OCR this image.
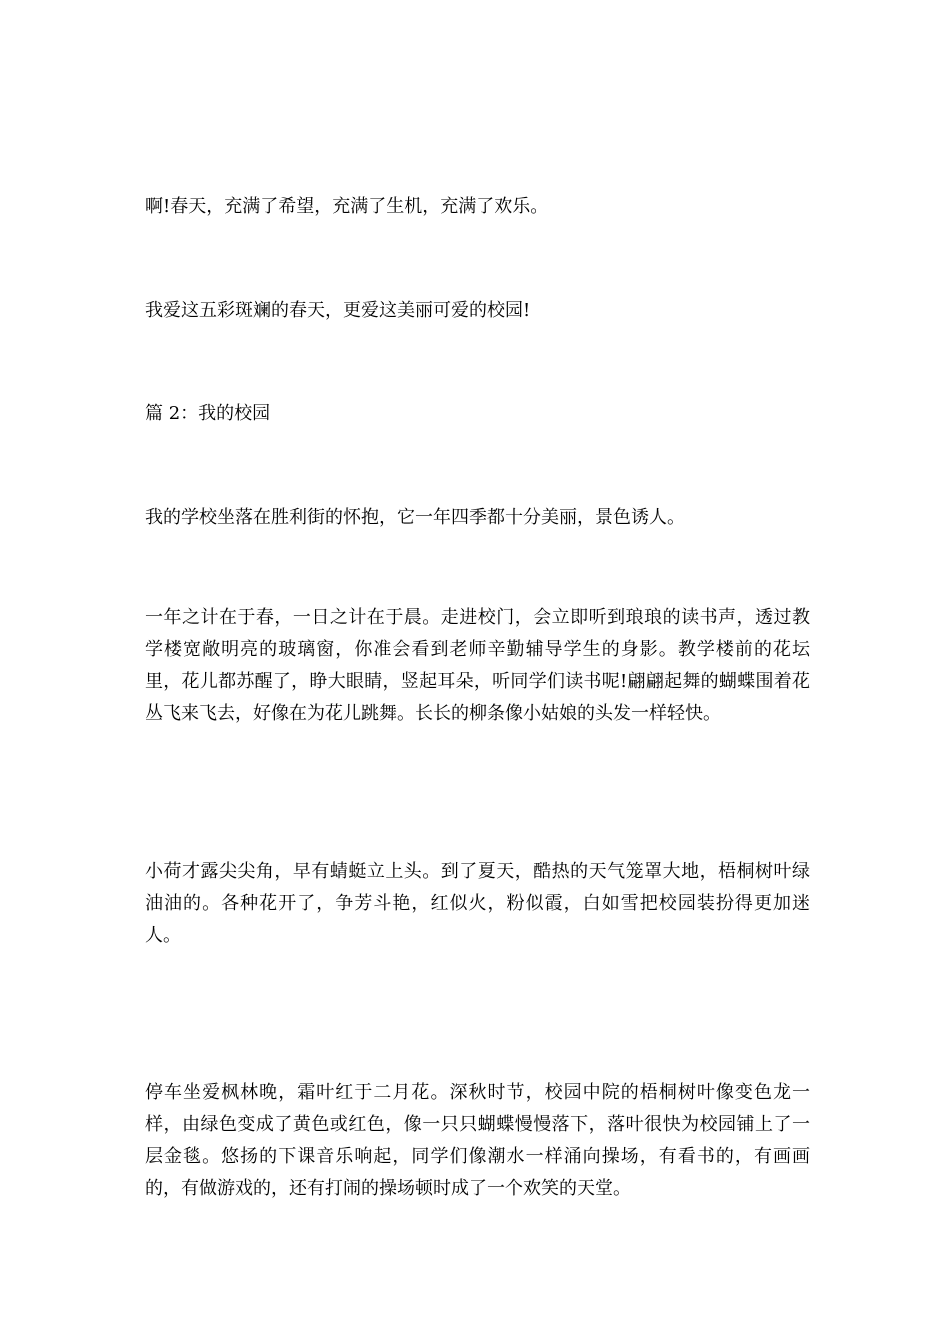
啊!春天，充满了希望，充满了生机，充满了欢乐。

我爱这五彩斑斓的春天，更爱这美丽可爱的校园!

篇 2：我的校园

我的学校坐落在胜利街的怀抱，它一年四季都十分美丽，景色诱人。

一年之计在于春，一日之计在于晨。走进校门，会立即听到琅琅的读书声，透过教学楼宽敞明亮的玻璃窗，你准会看到老师辛勤辅导学生的身影。教学楼前的花坛里，花儿都苏醒了，睁大眼睛，竖起耳朵，听同学们读书呢!翩翩起舞的蝴蝶围着花丛飞来飞去，好像在为花儿跳舞。长长的柳条像小姑娘的头发一样轻快。

小荷才露尖尖角，早有蜻蜓立上头。到了夏天，酷热的天气笼罩大地，梧桐树叶绿油油的。各种花开了，争芳斗艳，红似火，粉似霞，白如雪把校园装扮得更加迷人。

停车坐爱枫林晚，霜叶红于二月花。深秋时节，校园中院的梧桐树叶像变色龙一样，由绿色变成了黄色或红色，像一只只蝴蝶慢慢落下，落叶很快为校园铺上了一层金毯。悠扬的下课音乐响起，同学们像潮水一样涌向操场，有看书的，有画画的，有做游戏的，还有打闹的操场顿时成了一个欢笑的天堂。
